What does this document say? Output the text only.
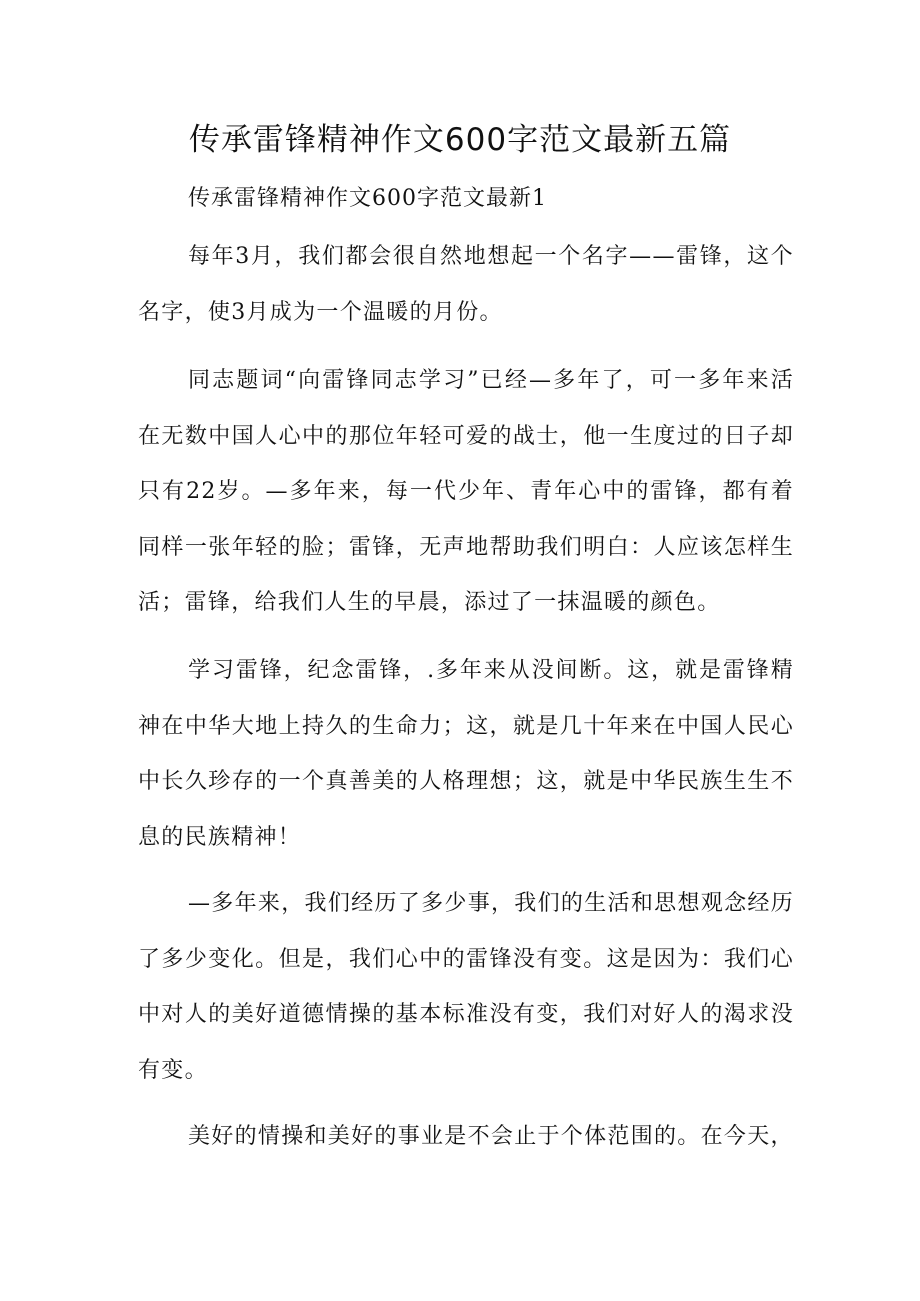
传承雷锋精神作文600字范文最新五篇

传承雷锋精神作文600字范文最新1

每年3月，我们都会很自然地想起一个名字——雷锋，这个名字，使3月成为一个温暖的月份。

同志题词“向雷锋同志学习”已经—多年了，可一多年来活在无数中国人心中的那位年轻可爱的战士，他一生度过的日子却只有22岁。—多年来，每一代少年、青年心中的雷锋，都有着同样一张年轻的脸；雷锋，无声地帮助我们明白：人应该怎样生活；雷锋，给我们人生的早晨，添过了一抹温暖的颜色。

学习雷锋，纪念雷锋，.多年来从没间断。这，就是雷锋精神在中华大地上持久的生命力；这，就是几十年来在中国人民心中长久珍存的一个真善美的人格理想；这，就是中华民族生生不息的民族精神！

—多年来，我们经历了多少事，我们的生活和思想观念经历了多少变化。但是，我们心中的雷锋没有变。这是因为：我们心中对人的美好道德情操的基本标准没有变，我们对好人的渴求没有变。

美好的情操和美好的事业是不会止于个体范围的。在今天，
